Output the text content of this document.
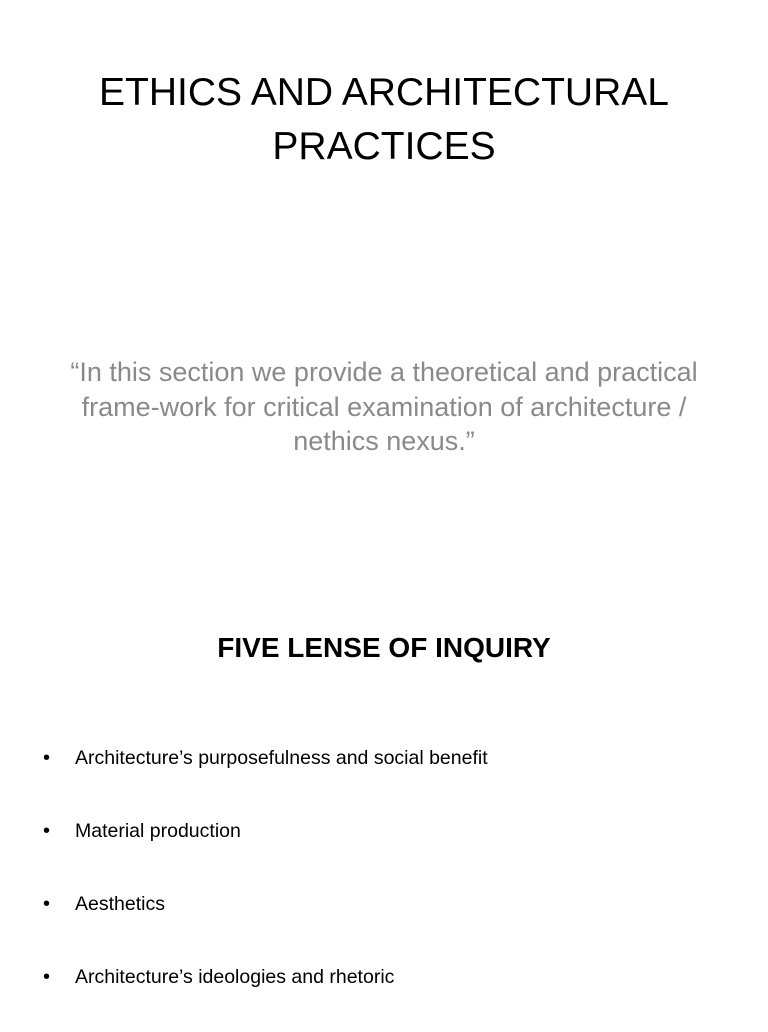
ETHICS AND ARCHITECTURAL
PRACTICES

“In this section we provide a theoretical and practical frame-work for critical examination of architecture / nethics nexus.”

FIVE LENSE OF INQUIRY
• Architecture’s purposefulness and social benefit
• Material production
• Aesthetics
• Architecture’s ideologies and rhetoric
